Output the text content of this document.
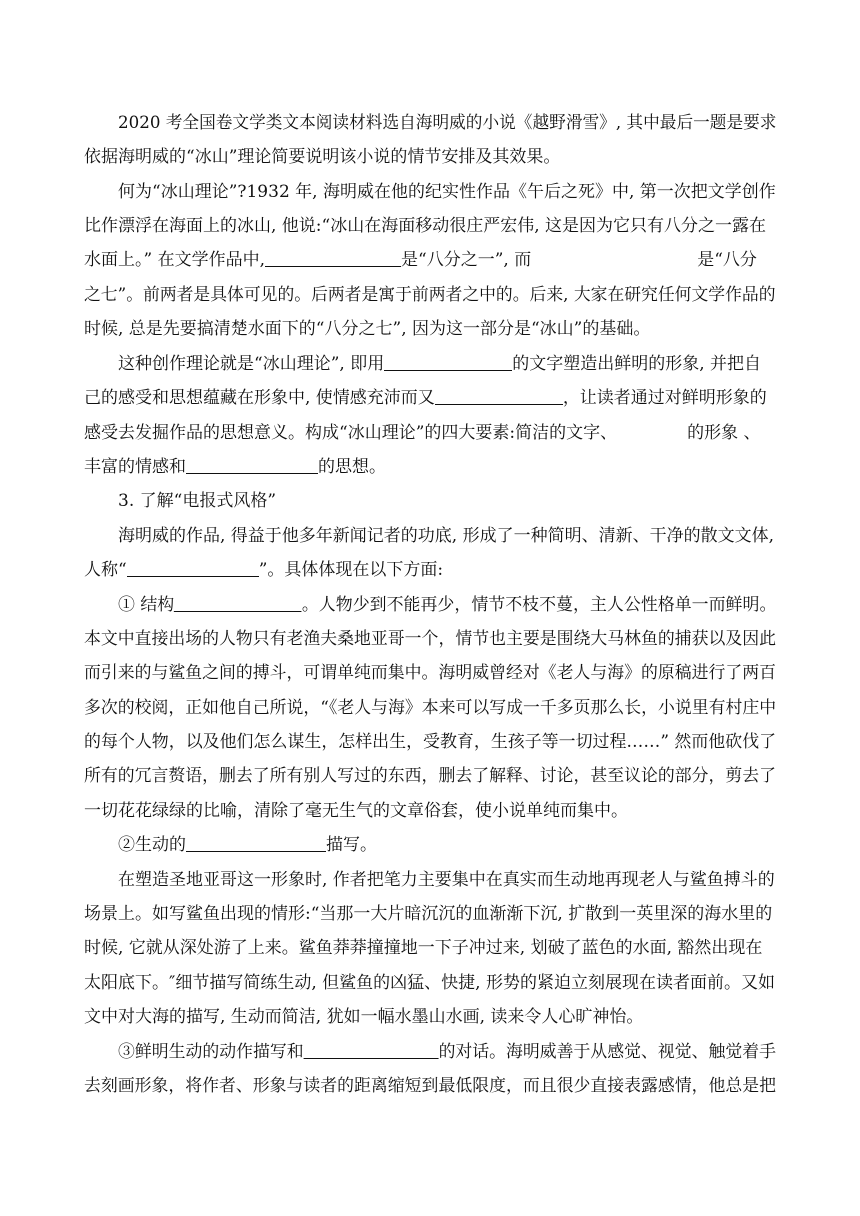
2020 考全国卷文学类文本阅读材料选自海明威的小说《越野滑雪》, 其中最后一题是要求
依据海明威的“冰山”理论简要说明该小说的情节安排及其效果。
何为“冰山理论”?1932 年, 海明威在他的纪实性作品《午后之死》中, 第一次把文学创作
比作漂浮在海面上的冰山, 他说:“冰山在海面移动很庄严宏伟, 这是因为它只有八分之一露在
水面上。” 在文学作品中,	是“八分之一”, 而	是“八分
之七”。前两者是具体可见的。后两者是寓于前两者之中的。后来, 大家在研究任何文学作品的
时候, 总是先要搞清楚水面下的“八分之七”, 因为这一部分是“冰山”的基础。
这种创作理论就是“冰山理论”, 即用	的文字塑造出鲜明的形象, 并把自
己的感受和思想蕴藏在形象中, 使情感充沛而又	，让读者通过对鲜明形象的
感受去发掘作品的思想意义。构成“冰山理论”的四大要素:简洁的文字、	的形象 、
丰富的情感和	的思想。
3. 了解“电报式风格”
海明威的作品, 得益于他多年新闻记者的功底, 形成了一种简明、清新、干净的散文文体,
人称“	”。具体体现在以下方面:
① 结构	。人物少到不能再少，情节不枝不蔓，主人公性格单一而鲜明。
本文中直接出场的人物只有老渔夫桑地亚哥一个，情节也主要是围绕大马林鱼的捕获以及因此
而引来的与鲨鱼之间的搏斗，可谓单纯而集中。海明威曾经对《老人与海》的原稿进行了两百
多次的校阅，正如他自己所说，“《老人与海》本来可以写成一千多页那么长，小说里有村庄中
的每个人物，以及他们怎么谋生，怎样出生，受教育，生孩子等一切过程……” 然而他砍伐了
所有的冗言赘语，删去了所有别人写过的东西，删去了解释、讨论，甚至议论的部分，剪去了
一切花花绿绿的比喻，清除了毫无生气的文章俗套，使小说单纯而集中。
②生动的	描写。
在塑造圣地亚哥这一形象时, 作者把笔力主要集中在真实而生动地再现老人与鲨鱼搏斗的
场景上。如写鲨鱼出现的情形:“当那一大片暗沉沉的血渐渐下沉, 扩散到一英里深的海水里的
时候, 它就从深处游了上来。鲨鱼莽莽撞撞地一下子冲过来, 划破了蓝色的水面, 豁然出现在
太阳底下。″细节描写简练生动, 但鲨鱼的凶猛、快捷, 形势的紧迫立刻展现在读者面前。又如
文中对大海的描写, 生动而简洁, 犹如一幅水墨山水画, 读来令人心旷神怡。
③鲜明生动的动作描写和	的对话。海明威善于从感觉、视觉、触觉着手
去刻画形象，将作者、形象与读者的距离缩短到最低限度，而且很少直接表露感情，他总是把
